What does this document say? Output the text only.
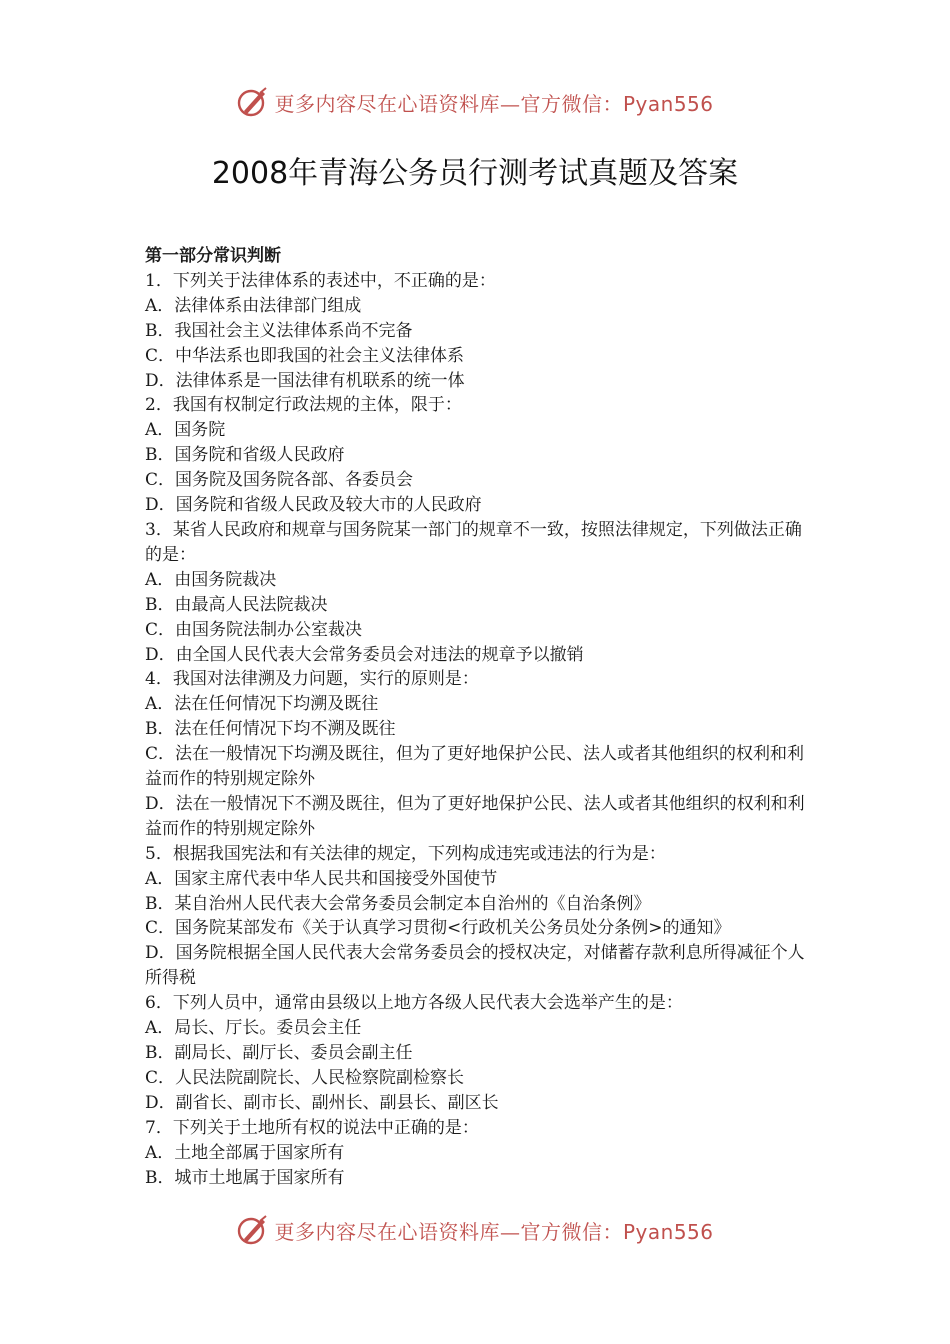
更多内容尽在心语资料库—官方微信：Pyan556
2008年青海公务员行测考试真题及答案
第一部分常识判断
1．下列关于法律体系的表述中，不正确的是：
A．法律体系由法律部门组成
B．我国社会主义法律体系尚不完备
C．中华法系也即我国的社会主义法律体系
D．法律体系是一国法律有机联系的统一体
2．我国有权制定行政法规的主体，限于：
A．国务院
B．国务院和省级人民政府
C．国务院及国务院各部、各委员会
D．国务院和省级人民政及较大市的人民政府
3．某省人民政府和规章与国务院某一部门的规章不一致，按照法律规定，下列做法正确的是：
A．由国务院裁决
B．由最高人民法院裁决
C．由国务院法制办公室裁决
D．由全国人民代表大会常务委员会对违法的规章予以撤销
4．我国对法律溯及力问题，实行的原则是：
A．法在任何情况下均溯及既往
B．法在任何情况下均不溯及既往
C．法在一般情况下均溯及既往，但为了更好地保护公民、法人或者其他组织的权利和利益而作的特别规定除外
D．法在一般情况下不溯及既往，但为了更好地保护公民、法人或者其他组织的权利和利益而作的特别规定除外
5．根据我国宪法和有关法律的规定，下列构成违宪或违法的行为是：
A．国家主席代表中华人民共和国接受外国使节
B．某自治州人民代表大会常务委员会制定本自治州的《自治条例》
C．国务院某部发布《关于认真学习贯彻<行政机关公务员处分条例>的通知》
D．国务院根据全国人民代表大会常务委员会的授权决定，对储蓄存款利息所得减征个人所得税
6．下列人员中，通常由县级以上地方各级人民代表大会选举产生的是：
A．局长、厅长。委员会主任
B．副局长、副厅长、委员会副主任
C．人民法院副院长、人民检察院副检察长
D．副省长、副市长、副州长、副县长、副区长
7．下列关于土地所有权的说法中正确的是：
A．土地全部属于国家所有
B．城市土地属于国家所有
更多内容尽在心语资料库—官方微信：Pyan556
